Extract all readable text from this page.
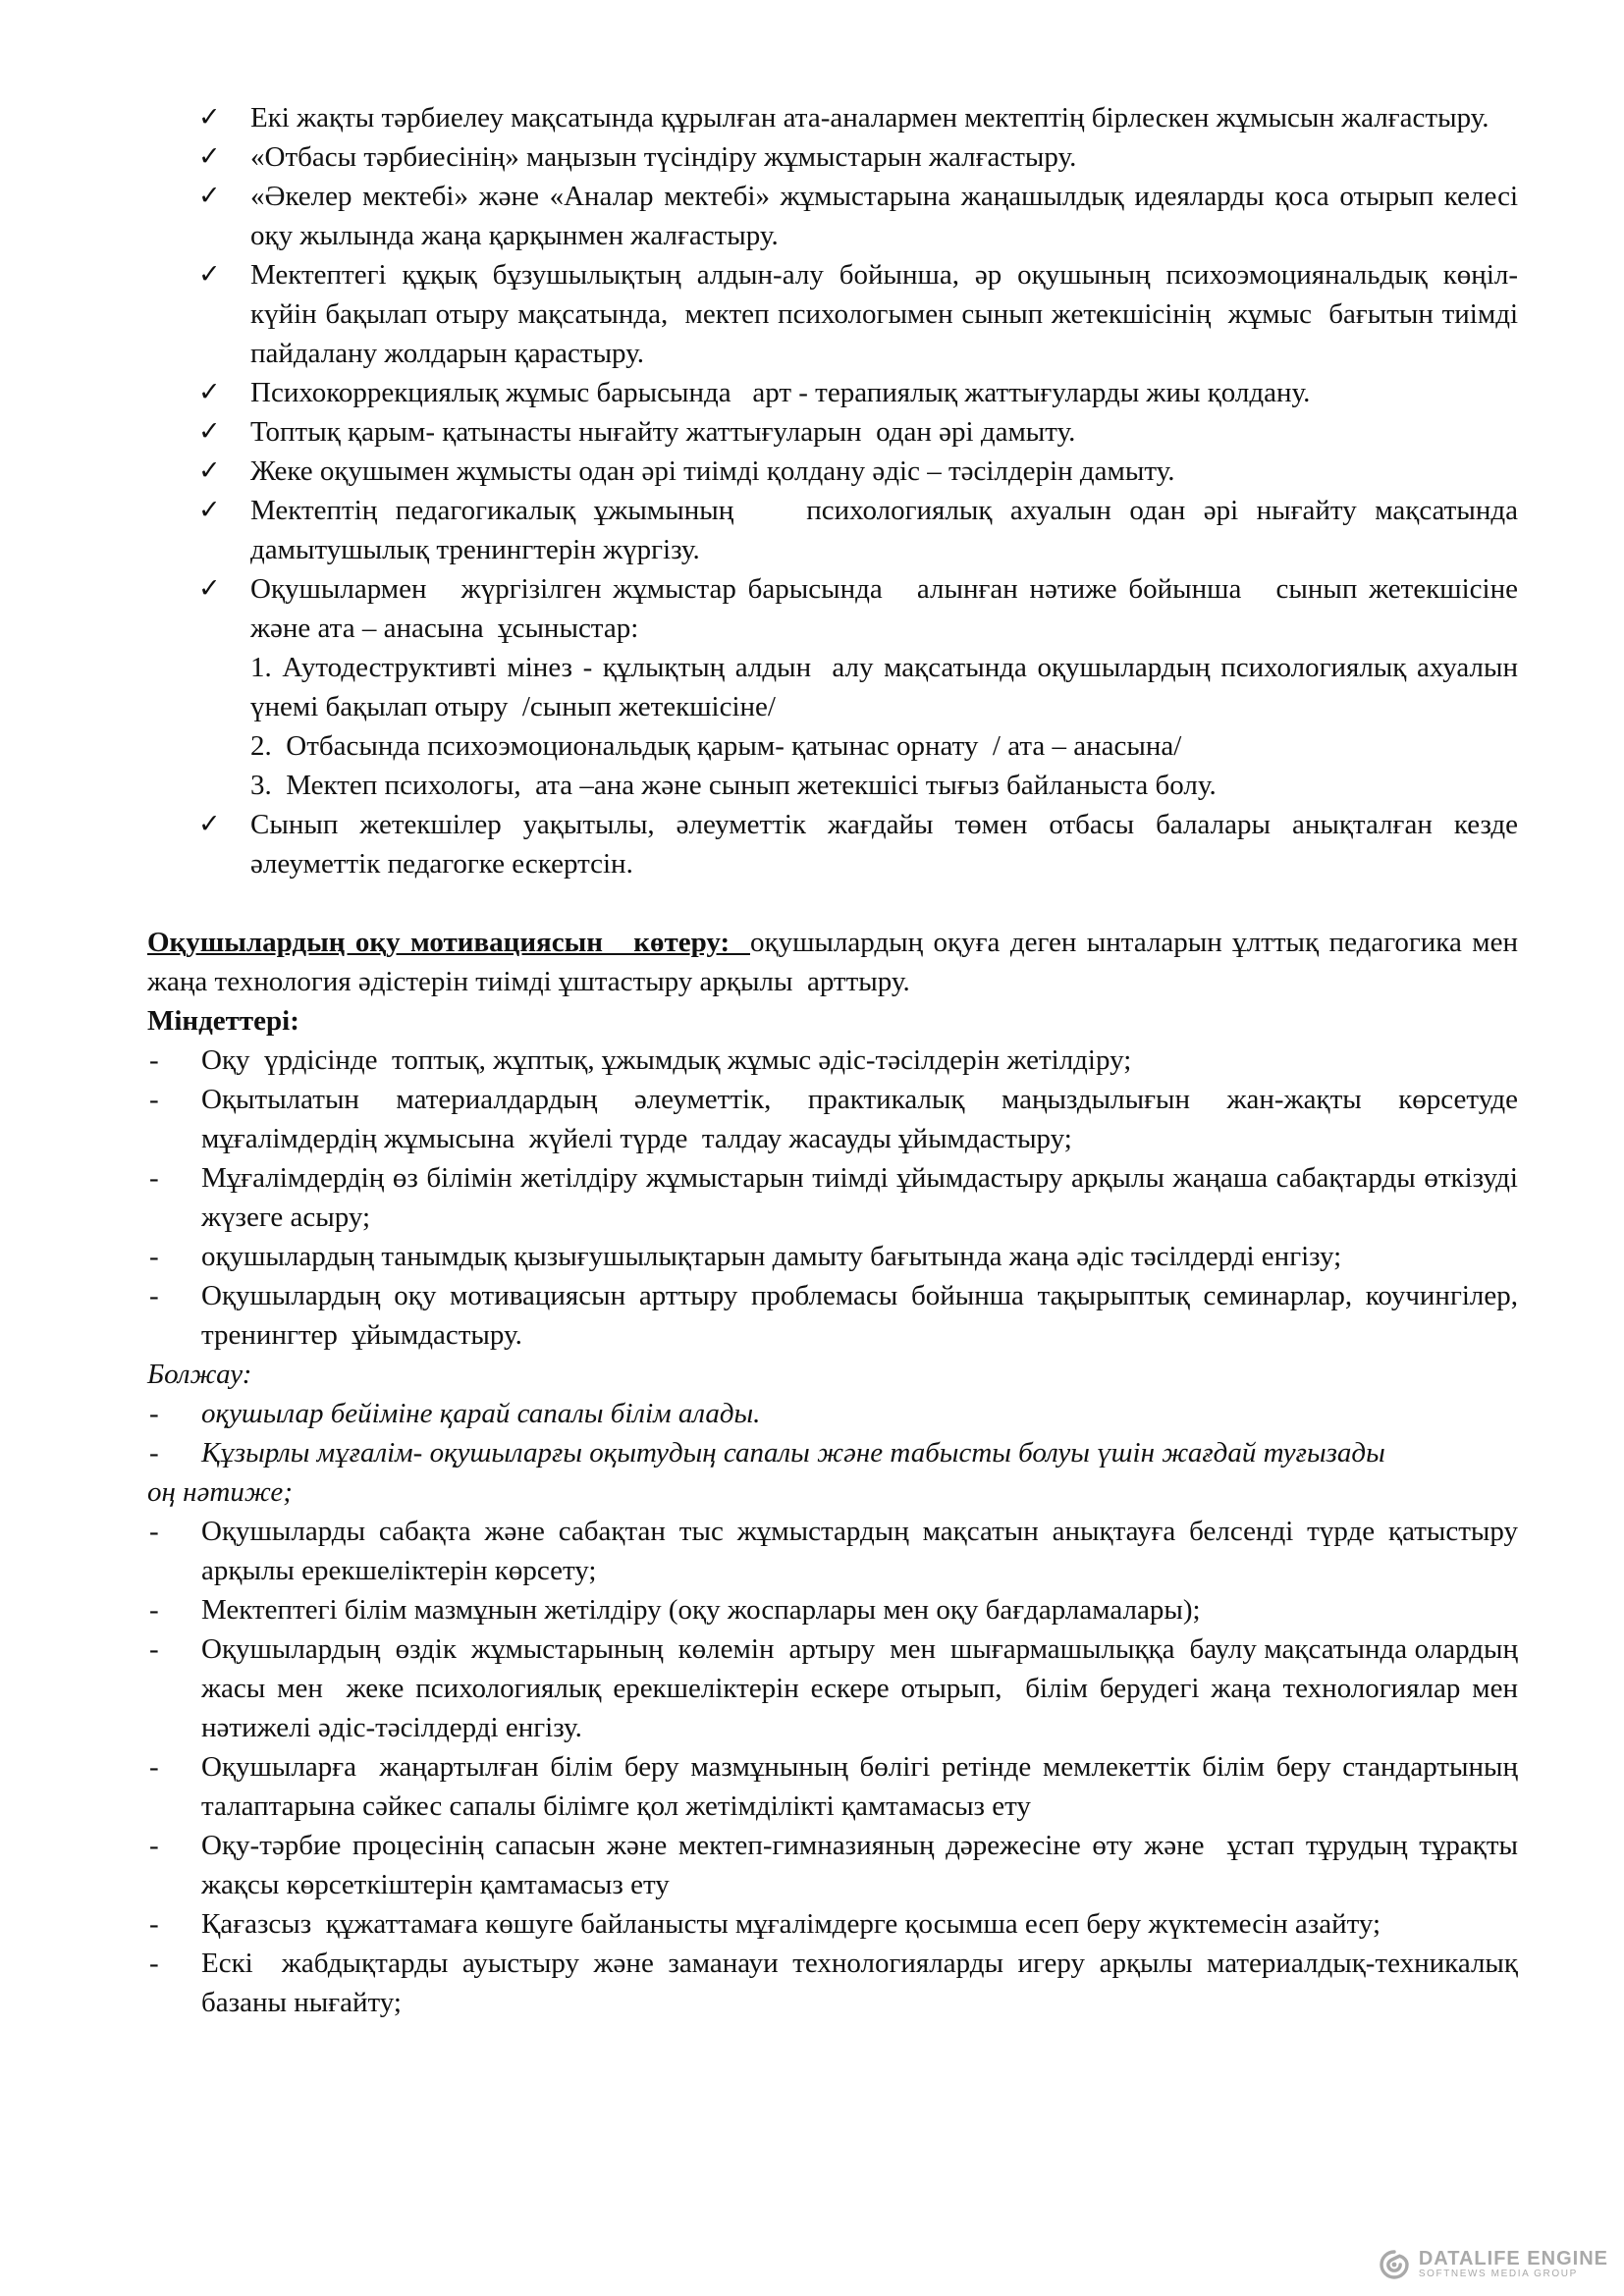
✓ Екі жақты тәрбиелеу мақсатында құрылған ата-аналармен мектептің бірлескен жұмысын жалғастыру.
✓ «Отбасы тәрбиесінің» маңызын түсіндіру жұмыстарын жалғастыру.
✓ «Әкелер мектебі» және «Аналар мектебі» жұмыстарына жаңашылдық идеяларды қоса отырып келесі оқу жылында жаңа қарқынмен жалғастыру.
✓ Мектептегі құқық бұзушылықтың алдын-алу бойынша, әр оқушының психоэмоциянальдық көңіл- күйін бақылап отыру мақсатында,  мектеп психологымен сынып жетекшісінің  жұмыс  бағытын тиімді пайдалану жолдарын қарастыру.
✓ Психокоррекциялық жұмыс барысында   арт - терапиялық жаттығуларды жиы қолдану.
✓ Топтық қарым- қатынасты нығайту жаттығуларын  одан әрі дамыту.
✓ Жеке оқушымен жұмысты одан әрі тиімді қолдану әдіс – тәсілдерін дамыту.
✓ Мектептің педагогикалық ұжымының    психологиялық ахуалын одан әрі нығайту мақсатында дамытушылық тренингтерін жүргізу.
✓ Оқушылармен   жүргізілген жұмыстар барысында   алынған нәтиже бойынша   сынып жетекшісіне және ата – анасына  ұсыныстар:
1. Аутодеструктивті мінез - құлықтың алдын  алу мақсатында оқушылардың психологиялық ахуалын үнемі бақылап отыру  /сынып жетекшісіне/
2.  Отбасында психоэмоциональдық қарым- қатынас орнату  / ата – анасына/
3.  Мектеп психологы,  ата –ана және сынып жетекшісі тығыз байланыста болу.
✓ Сынып жетекшілер уақытылы, әлеуметтік жағдайы төмен отбасы балалары анықталған кезде әлеуметтік педагогке ескертсін.

Оқушылардың оқу мотивациясын   көтеру:  оқушылардың оқуға деген ынталарын ұлттық педагогика мен жаңа технология әдістерін тиімді ұштастыру арқылы  арттыру.

Міндеттері:

- Оқу  үрдісінде  топтық, жұптық, ұжымдық жұмыс әдіс-тәсілдерін жетілдіру;
- Оқытылатын материалдардың әлеуметтік, практикалық маңыздылығын жан-жақты көрсетуде мұғалімдердің жұмысына  жүйелі түрде  талдау жасауды ұйымдастыру;
- Мұғалімдердің өз білімін жетілдіру жұмыстарын тиімді ұйымдастыру арқылы жаңаша сабақтарды өткізуді жүзеге асыру;
- оқушылардың танымдық қызығушылықтарын дамыту бағытында жаңа әдіс тәсілдерді енгізу;
- Оқушылардың оқу мотивациясын арттыру проблемасы бойынша тақырыптық семинарлар, коучингілер, тренингтер  ұйымдастыру.

Болжау:

- оқушылар бейіміне қарай сапалы білім алады.
- Құзырлы мұғалім- оқушыларғы оқытудың сапалы және табысты болуы үшін жағдай туғызады

оң нәтиже;

- Оқушыларды сабақта және сабақтан тыс жұмыстардың мақсатын анықтауға белсенді түрде қатыстыру арқылы ерекшеліктерін көрсету;
- Мектептегі білім мазмұнын жетілдіру (оқу жоспарлары мен оқу бағдарламалары);
- Оқушылардың  өздік  жұмыстарының  көлемін  артыру  мен  шығармашылыққа  баулу мақсатында олардың  жасы мен  жеке психологиялық ерекшеліктерін ескере отырып,  білім берудегі жаңа технологиялар мен нәтижелі әдіс-тәсілдерді енгізу.
- Оқушыларға  жаңартылған білім беру мазмұнының бөлігі ретінде мемлекеттік білім беру стандартының талаптарына сәйкес сапалы білімге қол жетімділікті қамтамасыз ету
- Оқу-тәрбие процесінің сапасын және мектеп-гимназияның дәрежесіне өту және  ұстап тұрудың тұрақты жақсы көрсеткіштерін қамтамасыз ету
- Қағазсыз  құжаттамаға көшуге байланысты мұғалімдерге қосымша есеп беру жүктемесін азайту;
- Ескі  жабдықтарды ауыстыру және заманауи технологияларды игеру арқылы материалдық-техникалық базаны нығайту;
DATALIFE ENGINE
SOFTNEWS MEDIA GROUP
